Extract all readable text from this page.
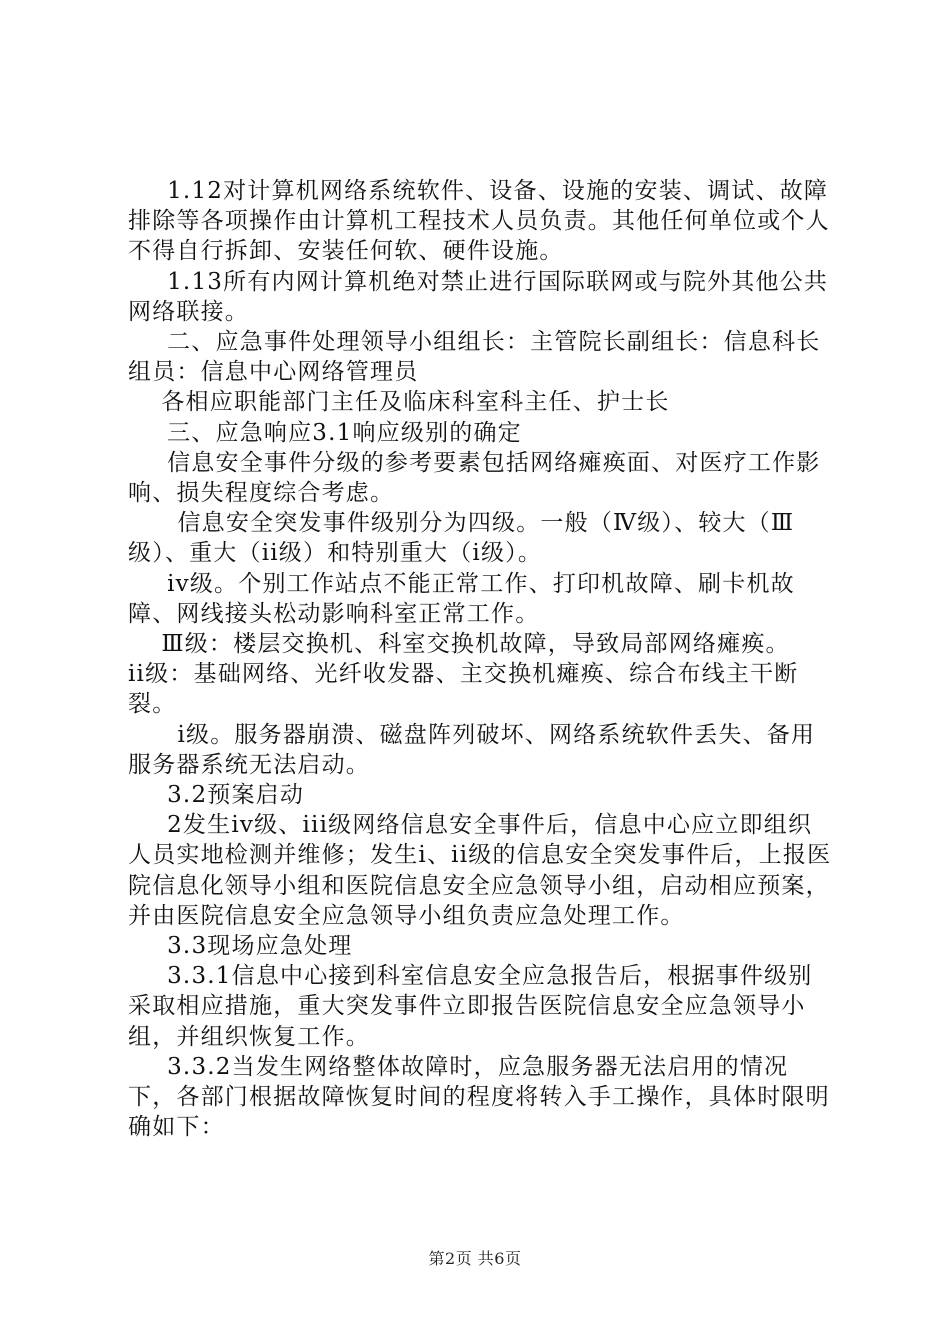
1.12对计算机网络系统软件、设备、设施的安装、调试、故障排除等各项操作由计算机工程技术人员负责。其他任何单位或个人不得自行拆卸、安装任何软、硬件设施。

1.13所有内网计算机绝对禁止进行国际联网或与院外其他公共网络联接。

二、应急事件处理领导小组组长：主管院长副组长：信息科长组员：信息中心网络管理员

各相应职能部门主任及临床科室科主任、护士长

三、应急响应3.1响应级别的确定

信息安全事件分级的参考要素包括网络瘫痪面、对医疗工作影响、损失程度综合考虑。

信息安全突发事件级别分为四级。一般（Ⅳ级）、较大（Ⅲ级）、重大（ii级）和特别重大（i级）。

iv级。个别工作站点不能正常工作、打印机故障、刷卡机故障、网线接头松动影响科室正常工作。

Ⅲ级：楼层交换机、科室交换机故障，导致局部网络瘫痪。

ii级：基础网络、光纤收发器、主交换机瘫痪、综合布线主干断裂。

i级。服务器崩溃、磁盘阵列破坏、网络系统软件丢失、备用服务器系统无法启动。

3.2预案启动

2发生iv级、iii级网络信息安全事件后，信息中心应立即组织人员实地检测并维修；发生i、ii级的信息安全突发事件后，上报医院信息化领导小组和医院信息安全应急领导小组，启动相应预案，并由医院信息安全应急领导小组负责应急处理工作。

3.3现场应急处理

3.3.1信息中心接到科室信息安全应急报告后，根据事件级别采取相应措施，重大突发事件立即报告医院信息安全应急领导小组，并组织恢复工作。

3.3.2当发生网络整体故障时，应急服务器无法启用的情况下，各部门根据故障恢复时间的程度将转入手工操作，具体时限明确如下：

第2页 共6页
